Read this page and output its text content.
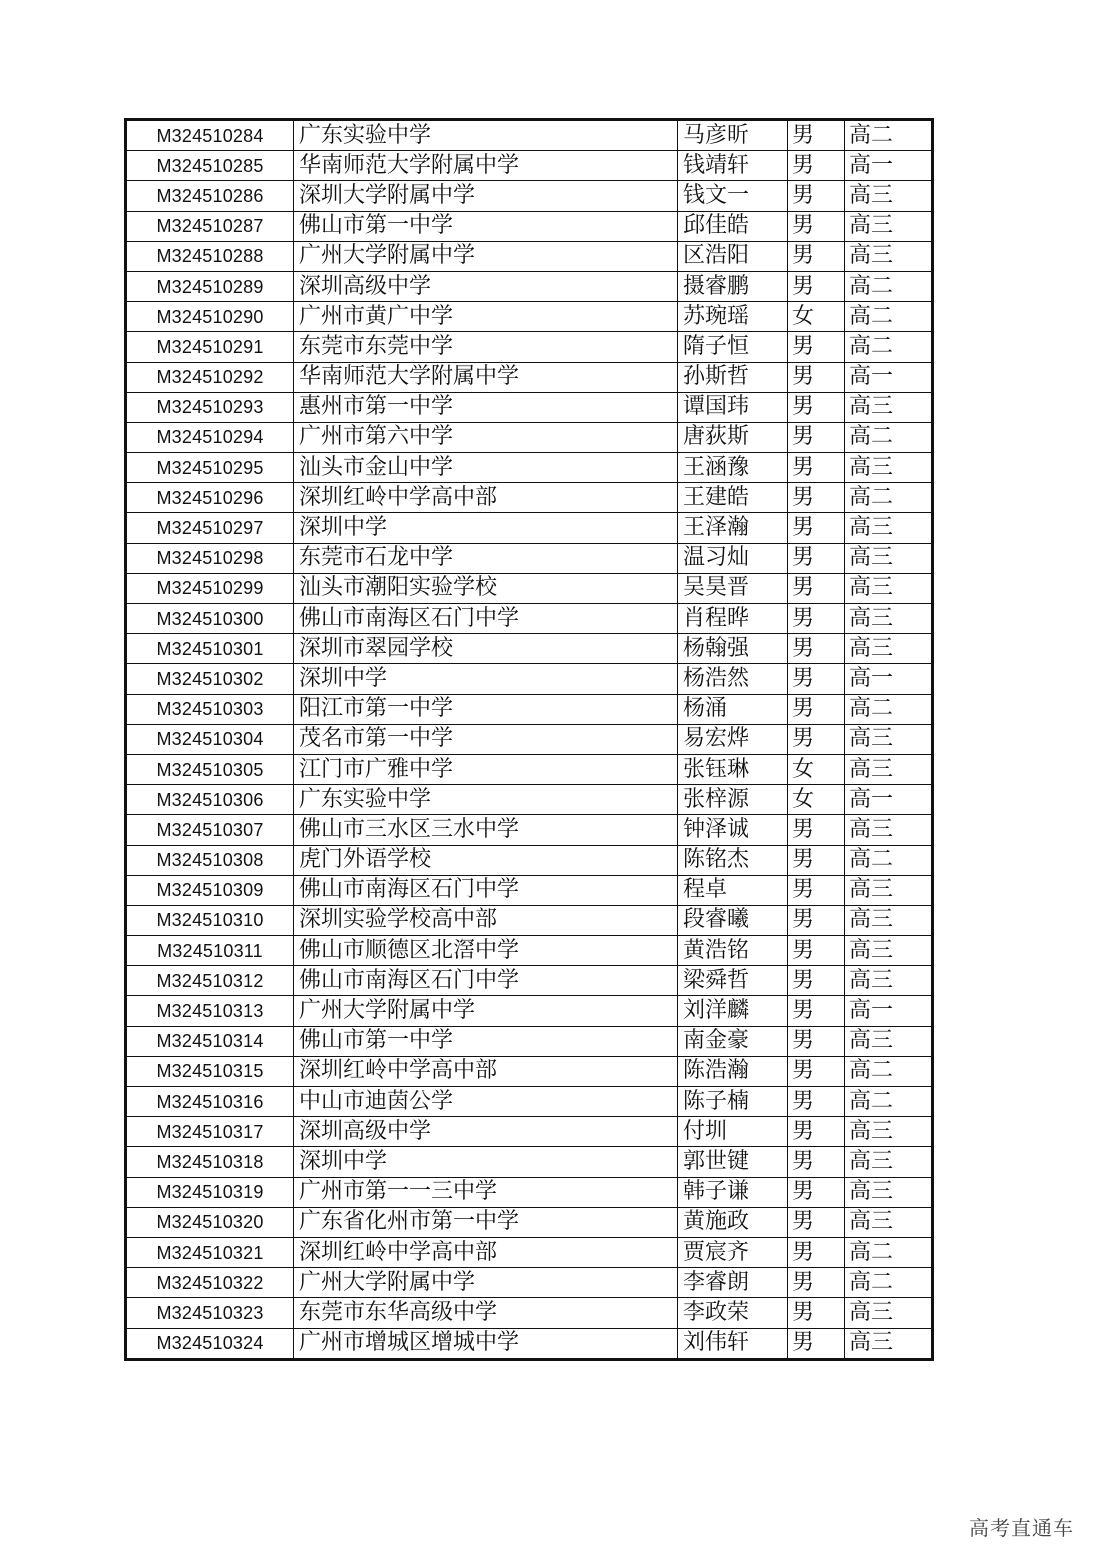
M324510284	广东实验中学	马彦昕	男	高二
M324510285	华南师范大学附属中学	钱靖轩	男	高一
M324510286	深圳大学附属中学	钱文一	男	高三
M324510287	佛山市第一中学	邱佳皓	男	高三
M324510288	广州大学附属中学	区浩阳	男	高三
M324510289	深圳高级中学	摄睿鹏	男	高二
M324510290	广州市黄广中学	苏琬瑶	女	高二
M324510291	东莞市东莞中学	隋子恒	男	高二
M324510292	华南师范大学附属中学	孙斯哲	男	高一
M324510293	惠州市第一中学	谭国玮	男	高三
M324510294	广州市第六中学	唐荻斯	男	高二
M324510295	汕头市金山中学	王涵豫	男	高三
M324510296	深圳红岭中学高中部	王建皓	男	高二
M324510297	深圳中学	王泽瀚	男	高三
M324510298	东莞市石龙中学	温习灿	男	高三
M324510299	汕头市潮阳实验学校	吴昊晋	男	高三
M324510300	佛山市南海区石门中学	肖程晔	男	高三
M324510301	深圳市翠园学校	杨翰强	男	高三
M324510302	深圳中学	杨浩然	男	高一
M324510303	阳江市第一中学	杨涌	男	高二
M324510304	茂名市第一中学	易宏烨	男	高三
M324510305	江门市广雅中学	张钰琳	女	高三
M324510306	广东实验中学	张梓源	女	高一
M324510307	佛山市三水区三水中学	钟泽诚	男	高三
M324510308	虎门外语学校	陈铭杰	男	高二
M324510309	佛山市南海区石门中学	程卓	男	高三
M324510310	深圳实验学校高中部	段睿曦	男	高三
M324510311	佛山市顺德区北滘中学	黄浩铭	男	高三
M324510312	佛山市南海区石门中学	梁舜哲	男	高三
M324510313	广州大学附属中学	刘洋麟	男	高一
M324510314	佛山市第一中学	南金豪	男	高三
M324510315	深圳红岭中学高中部	陈浩瀚	男	高二
M324510316	中山市迪茵公学	陈子楠	男	高二
M324510317	深圳高级中学	付圳	男	高三
M324510318	深圳中学	郭世键	男	高三
M324510319	广州市第一一三中学	韩子谦	男	高三
M324510320	广东省化州市第一中学	黄施政	男	高三
M324510321	深圳红岭中学高中部	贾宸齐	男	高二
M324510322	广州大学附属中学	李睿朗	男	高二
M324510323	东莞市东华高级中学	李政荣	男	高三
M324510324	广州市增城区增城中学	刘伟轩	男	高三
高考直通车
